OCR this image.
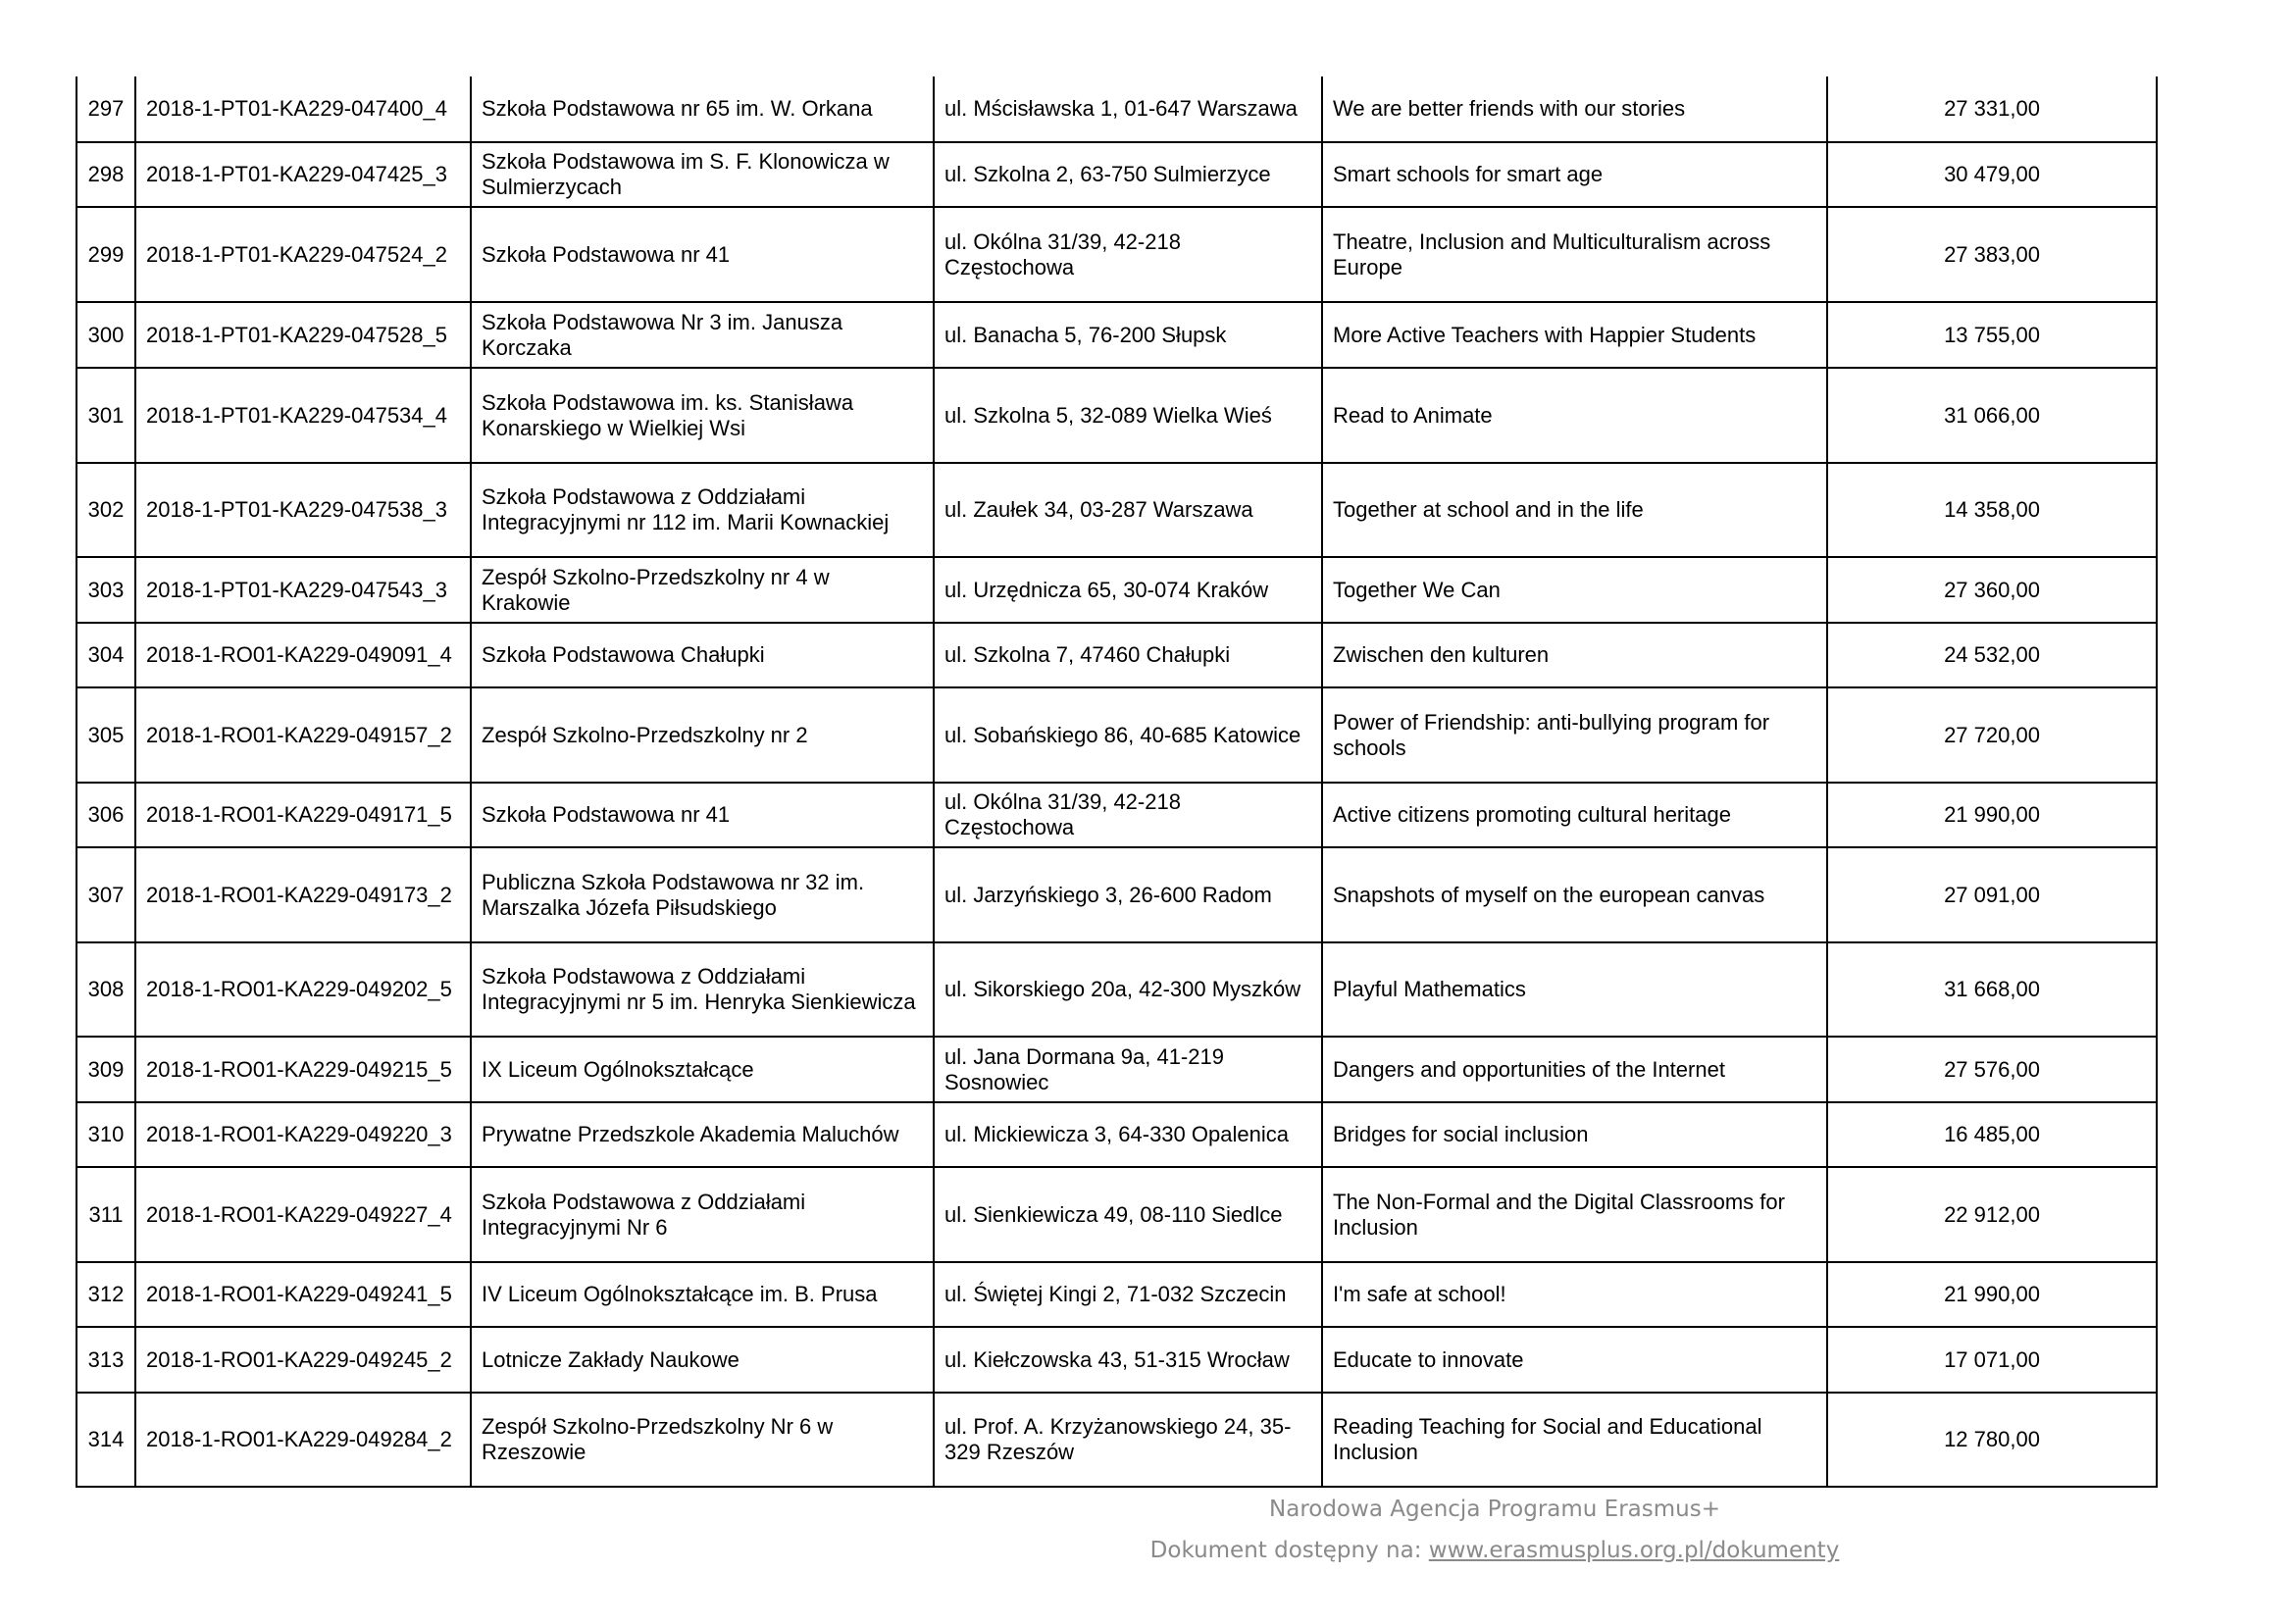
297	2018-1-PT01-KA229-047400_4	Szkoła Podstawowa nr 65 im. W. Orkana	ul. Mścisławska 1, 01-647 Warszawa	We are better friends with our stories	27 331,00
298	2018-1-PT01-KA229-047425_3	Szkoła Podstawowa im S. F. Klonowicza w Sulmierzycach	ul. Szkolna 2, 63-750 Sulmierzyce	Smart schools for smart age	30 479,00
299	2018-1-PT01-KA229-047524_2	Szkoła Podstawowa nr 41	ul. Okólna 31/39, 42-218 Częstochowa	Theatre, Inclusion and Multiculturalism across Europe	27 383,00
300	2018-1-PT01-KA229-047528_5	Szkoła Podstawowa Nr 3 im. Janusza Korczaka	ul. Banacha 5, 76-200 Słupsk	More Active Teachers with Happier Students	13 755,00
301	2018-1-PT01-KA229-047534_4	Szkoła Podstawowa im. ks. Stanisława Konarskiego w Wielkiej Wsi	ul. Szkolna 5, 32-089 Wielka Wieś	Read to Animate	31 066,00
302	2018-1-PT01-KA229-047538_3	Szkoła Podstawowa z Oddziałami Integracyjnymi nr 112 im. Marii Kownackiej	ul. Zaułek 34, 03-287 Warszawa	Together at school and in the life	14 358,00
303	2018-1-PT01-KA229-047543_3	Zespół Szkolno-Przedszkolny nr 4 w Krakowie	ul. Urzędnicza 65, 30-074 Kraków	Together We Can	27 360,00
304	2018-1-RO01-KA229-049091_4	Szkoła Podstawowa Chałupki	ul. Szkolna 7, 47460 Chałupki	Zwischen den kulturen	24 532,00
305	2018-1-RO01-KA229-049157_2	Zespół Szkolno-Przedszkolny nr 2	ul. Sobańskiego 86, 40-685 Katowice	Power of Friendship: anti-bullying program for schools	27 720,00
306	2018-1-RO01-KA229-049171_5	Szkoła Podstawowa nr 41	ul. Okólna 31/39, 42-218 Częstochowa	Active citizens promoting cultural heritage	21 990,00
307	2018-1-RO01-KA229-049173_2	Publiczna Szkoła Podstawowa nr 32 im. Marszalka Józefa Piłsudskiego	ul. Jarzyńskiego 3, 26-600 Radom	Snapshots of myself on the european canvas	27 091,00
308	2018-1-RO01-KA229-049202_5	Szkoła Podstawowa z Oddziałami Integracyjnymi nr 5 im. Henryka Sienkiewicza	ul. Sikorskiego 20a, 42-300 Myszków	Playful Mathematics	31 668,00
309	2018-1-RO01-KA229-049215_5	IX Liceum Ogólnokształcące	ul. Jana Dormana 9a, 41-219 Sosnowiec	Dangers and opportunities of the Internet	27 576,00
310	2018-1-RO01-KA229-049220_3	Prywatne Przedszkole Akademia Maluchów	ul. Mickiewicza 3, 64-330 Opalenica	Bridges for social inclusion	16 485,00
311	2018-1-RO01-KA229-049227_4	Szkoła Podstawowa z Oddziałami Integracyjnymi Nr 6	ul. Sienkiewicza 49, 08-110 Siedlce	The Non-Formal and the Digital Classrooms for Inclusion	22 912,00
312	2018-1-RO01-KA229-049241_5	IV Liceum Ogólnokształcące im. B. Prusa	ul. Świętej Kingi 2, 71-032 Szczecin	I'm safe at school!	21 990,00
313	2018-1-RO01-KA229-049245_2	Lotnicze Zakłady Naukowe	ul. Kiełczowska 43, 51-315 Wrocław	Educate to innovate	17 071,00
314	2018-1-RO01-KA229-049284_2	Zespół Szkolno-Przedszkolny Nr 6 w Rzeszowie	ul. Prof. A. Krzyżanowskiego 24, 35-329 Rzeszów	Reading Teaching for Social and Educational Inclusion	12 780,00
Narodowa Agencja Programu Erasmus+
Dokument dostępny na: www.erasmusplus.org.pl/dokumenty
